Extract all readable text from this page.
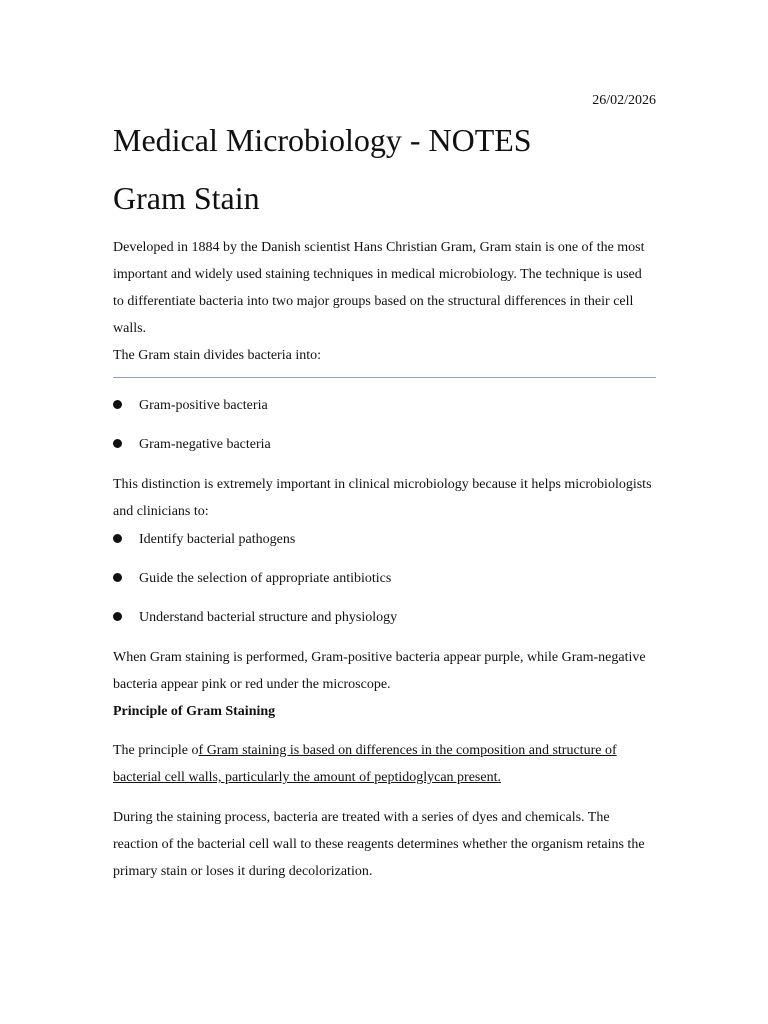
26/02/2026

Medical Microbiology - NOTES
Gram Stain

Developed in 1884 by the Danish scientist Hans Christian Gram, Gram stain is one of the most important and widely used staining techniques in medical microbiology. The technique is used to differentiate bacteria into two major groups based on the structural differences in their cell walls.
The Gram stain divides bacteria into:

Gram-positive bacteria
Gram-negative bacteria

This distinction is extremely important in clinical microbiology because it helps microbiologists and clinicians to:

Identify bacterial pathogens
Guide the selection of appropriate antibiotics
Understand bacterial structure and physiology

When Gram staining is performed, Gram-positive bacteria appear purple, while Gram-negative bacteria appear pink or red under the microscope.

Principle of Gram Staining

The principle of Gram staining is based on differences in the composition and structure of bacterial cell walls, particularly the amount of peptidoglycan present.

During the staining process, bacteria are treated with a series of dyes and chemicals. The reaction of the bacterial cell wall to these reagents determines whether the organism retains the primary stain or loses it during decolorization.
